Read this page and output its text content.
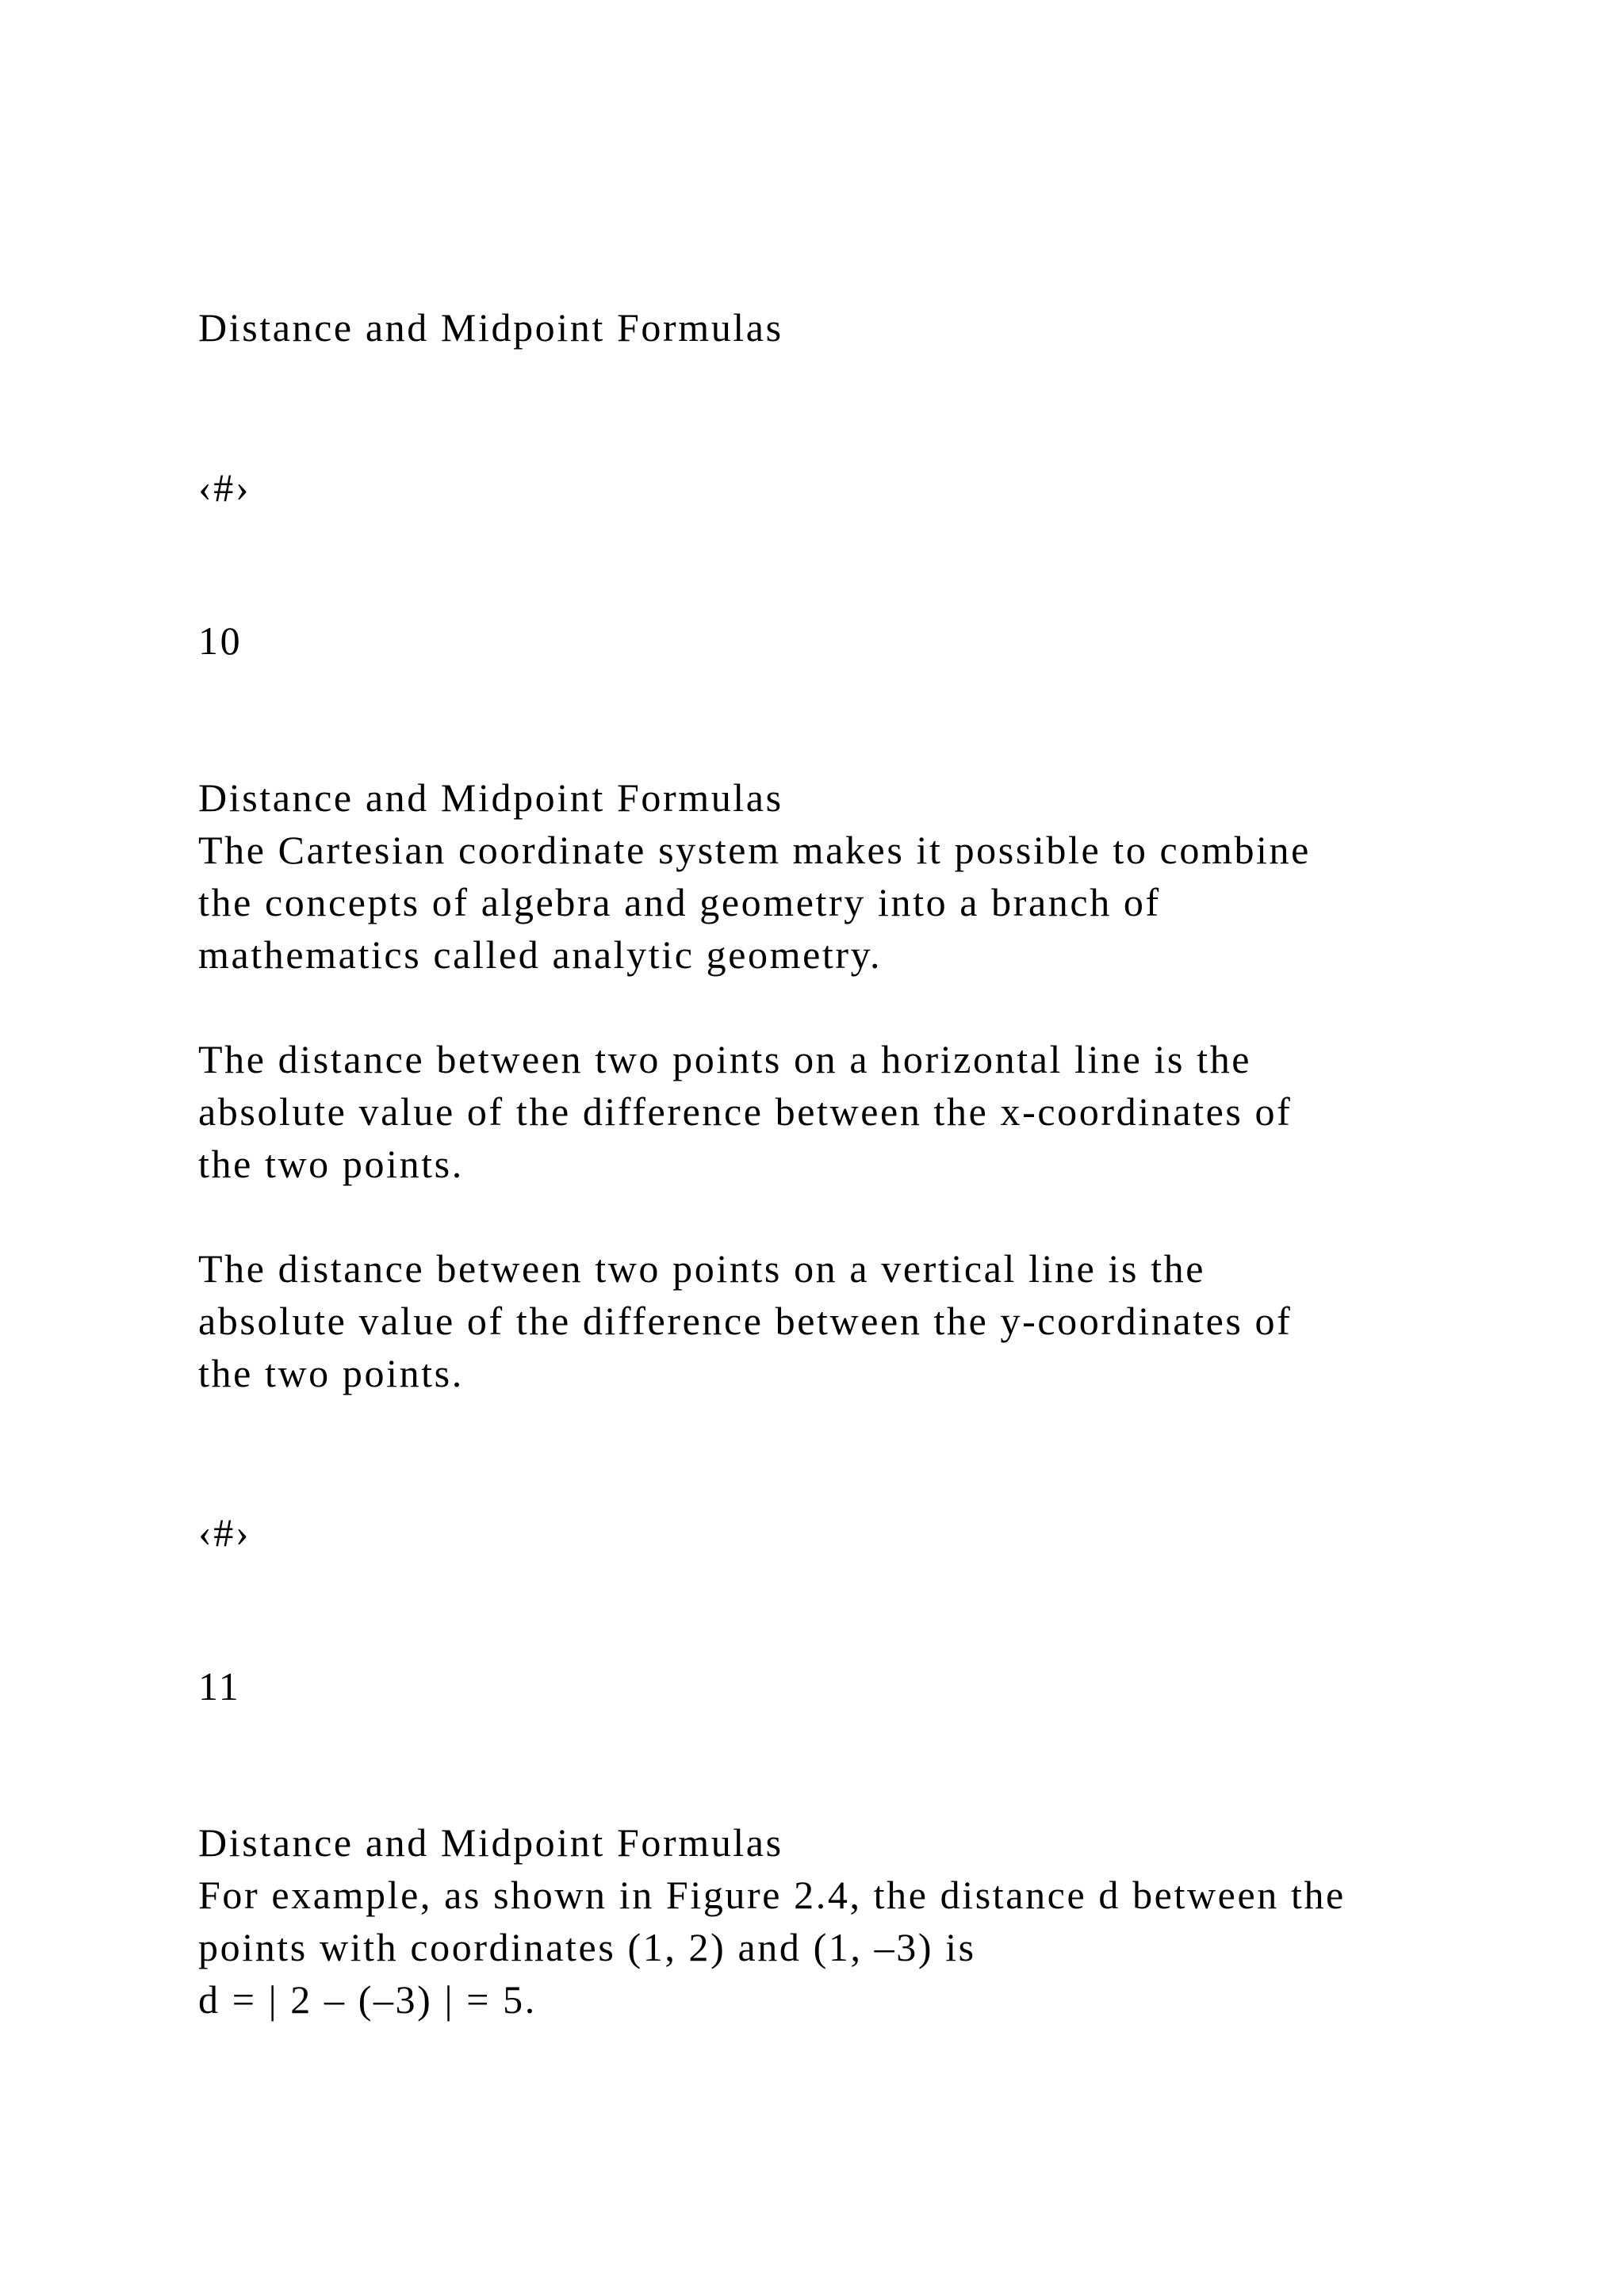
Distance and Midpoint Formulas
‹#›
10
Distance and Midpoint Formulas
The Cartesian coordinate system makes it possible to combine
the concepts of algebra and geometry into a branch of
mathematics called analytic geometry.
The distance between two points on a horizontal line is the
absolute value of the difference between the x-coordinates of
the two points.
The distance between two points on a vertical line is the
absolute value of the difference between the y-coordinates of
the two points.
‹#›
11
Distance and Midpoint Formulas
For example, as shown in Figure 2.4, the distance d between the
points with coordinates (1, 2) and (1, –3) is
d = | 2 – (–3) | = 5.
